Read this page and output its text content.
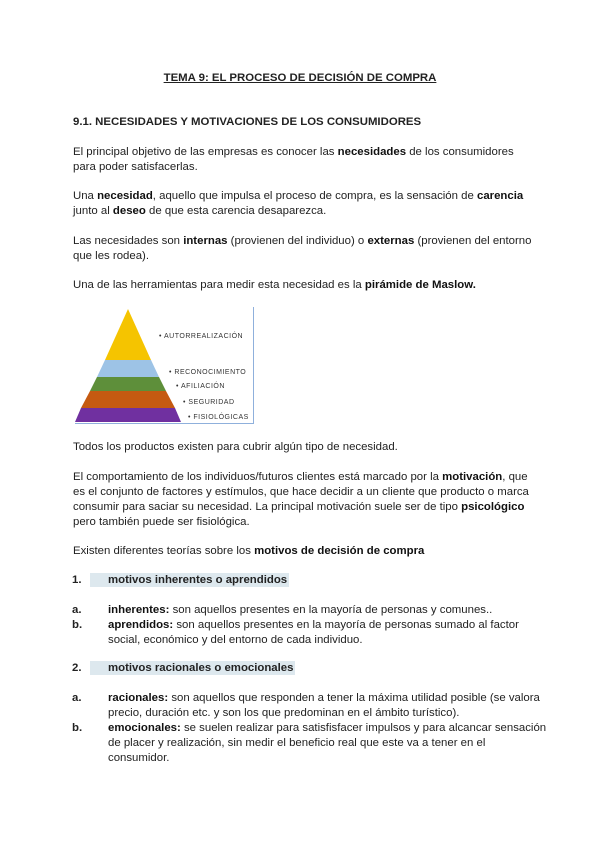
TEMA 9: EL PROCESO DE DECISIÓN DE COMPRA
9.1. NECESIDADES Y MOTIVACIONES DE LOS CONSUMIDORES
El principal objetivo de las empresas es conocer las necesidades de los consumidores para poder satisfacerlas.
Una necesidad, aquello que impulsa el proceso de compra, es la sensación de carencia junto al deseo de que esta carencia desaparezca.
Las necesidades son internas (provienen del individuo) o externas (provienen del entorno que les rodea).
Una de las herramientas para medir esta necesidad es la pirámide de Maslow.
• AUTORREALIZACIÓN
• RECONOCIMIENTO
• AFILIACIÓN
• SEGURIDAD
• FISIOLÓGICAS
Todos los productos existen para cubrir algún tipo de necesidad.
El comportamiento de los individuos/futuros clientes está marcado por la motivación, que es el conjunto de factores y estímulos, que hace decidir a un cliente que producto o marca consumir para saciar su necesidad. La principal motivación suele ser de tipo psicológico pero también puede ser fisiológica.
Existen diferentes teorías sobre los motivos de decisión de compra
1. motivos inherentes o aprendidos
a. inherentes: son aquellos presentes en la mayoría de personas y comunes..
b. aprendidos: son aquellos presentes en la mayoría de personas sumado al factor social, económico y del entorno de cada individuo.
2. motivos racionales o emocionales
a. racionales: son aquellos que responden a tener la máxima utilidad posible (se valora precio, duración etc. y son los que predominan en el ámbito turístico).
b. emocionales: se suelen realizar para satisfisfacer impulsos y para alcancar sensación de placer y realización, sin medir el beneficio real que este va a tener en el consumidor.
